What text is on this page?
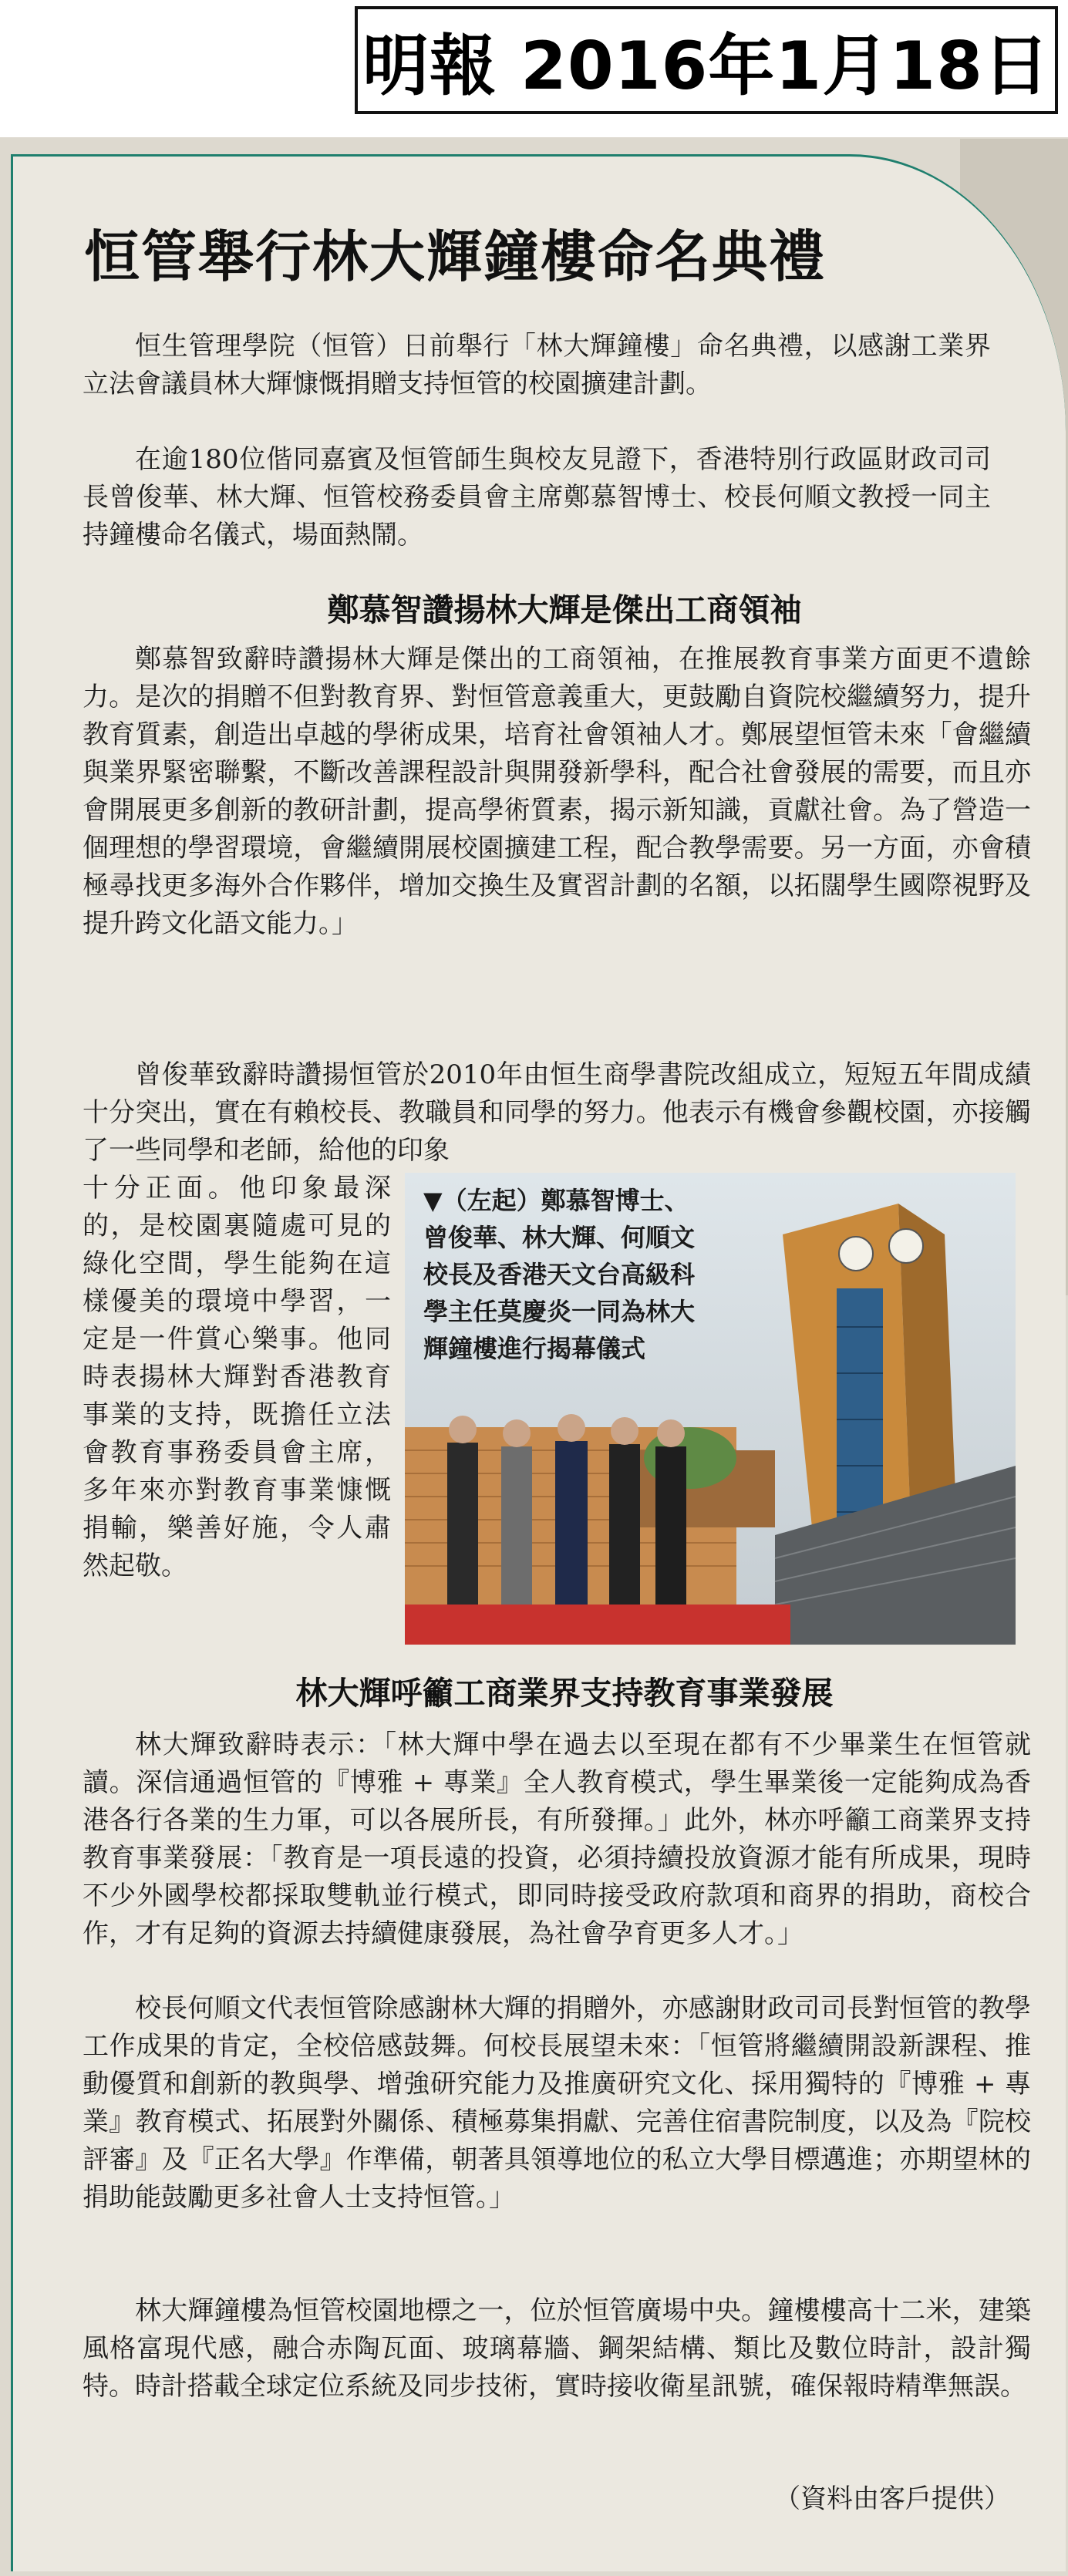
明報 2016年1月18日
恒管舉行林大輝鐘樓命名典禮

恒生管理學院（恒管）日前舉行「林大輝鐘樓」命名典禮，以感謝工業界立法會議員林大輝慷慨捐贈支持恒管的校園擴建計劃。

在逾180位偕同嘉賓及恒管師生與校友見證下，香港特別行政區財政司司長曾俊華、林大輝、恒管校務委員會主席鄭慕智博士、校長何順文教授一同主持鐘樓命名儀式，場面熱鬧。

鄭慕智讚揚林大輝是傑出工商領袖

鄭慕智致辭時讚揚林大輝是傑出的工商領袖，在推展教育事業方面更不遺餘力。是次的捐贈不但對教育界、對恒管意義重大，更鼓勵自資院校繼續努力，提升教育質素，創造出卓越的學術成果，培育社會領袖人才。鄭展望恒管未來「會繼續與業界緊密聯繫，不斷改善課程設計與開發新學科，配合社會發展的需要，而且亦會開展更多創新的教研計劃，提高學術質素，揭示新知識，貢獻社會。為了營造一個理想的學習環境，會繼續開展校園擴建工程，配合教學需要。另一方面，亦會積極尋找更多海外合作夥伴，增加交換生及實習計劃的名額，以拓闊學生國際視野及提升跨文化語文能力。」

曾俊華致辭時讚揚恒管於2010年由恒生商學書院改組成立，短短五年間成績十分突出，實在有賴校長、教職員和同學的努力。他表示有機會參觀校園，亦接觸了一些同學和老師，給他的印象

十分正面。他印象最深的，是校園裏隨處可見的綠化空間，學生能夠在這樣優美的環境中學習，一定是一件賞心樂事。他同時表揚林大輝對香港教育事業的支持，既擔任立法會教育事務委員會主席，多年來亦對教育事業慷慨捐輸，樂善好施，令人肅然起敬。

▼（左起）鄭慕智博士、曾俊華、林大輝、何順文校長及香港天文台高級科學主任莫慶炎一同為林大輝鐘樓進行揭幕儀式
林大輝呼籲工商業界支持教育事業發展

林大輝致辭時表示：「林大輝中學在過去以至現在都有不少畢業生在恒管就讀。深信通過恒管的『博雅 + 專業』全人教育模式，學生畢業後一定能夠成為香港各行各業的生力軍，可以各展所長，有所發揮。」此外，林亦呼籲工商業界支持教育事業發展：「教育是一項長遠的投資，必須持續投放資源才能有所成果，現時不少外國學校都採取雙軌並行模式，即同時接受政府款項和商界的捐助，商校合作，才有足夠的資源去持續健康發展，為社會孕育更多人才。」

校長何順文代表恒管除感謝林大輝的捐贈外，亦感謝財政司司長對恒管的教學工作成果的肯定，全校倍感鼓舞。何校長展望未來：「恒管將繼續開設新課程、推動優質和創新的教與學、增強研究能力及推廣研究文化、採用獨特的『博雅 + 專業』教育模式、拓展對外關係、積極募集捐獻、完善住宿書院制度，以及為『院校評審』及『正名大學』作準備，朝著具領導地位的私立大學目標邁進；亦期望林的捐助能鼓勵更多社會人士支持恒管。」

林大輝鐘樓為恒管校園地標之一，位於恒管廣場中央。鐘樓樓高十二米，建築風格富現代感，融合赤陶瓦面、玻璃幕牆、鋼架結構、類比及數位時計，設計獨特。時計搭載全球定位系統及同步技術，實時接收衛星訊號，確保報時精準無誤。

（資料由客戶提供）
